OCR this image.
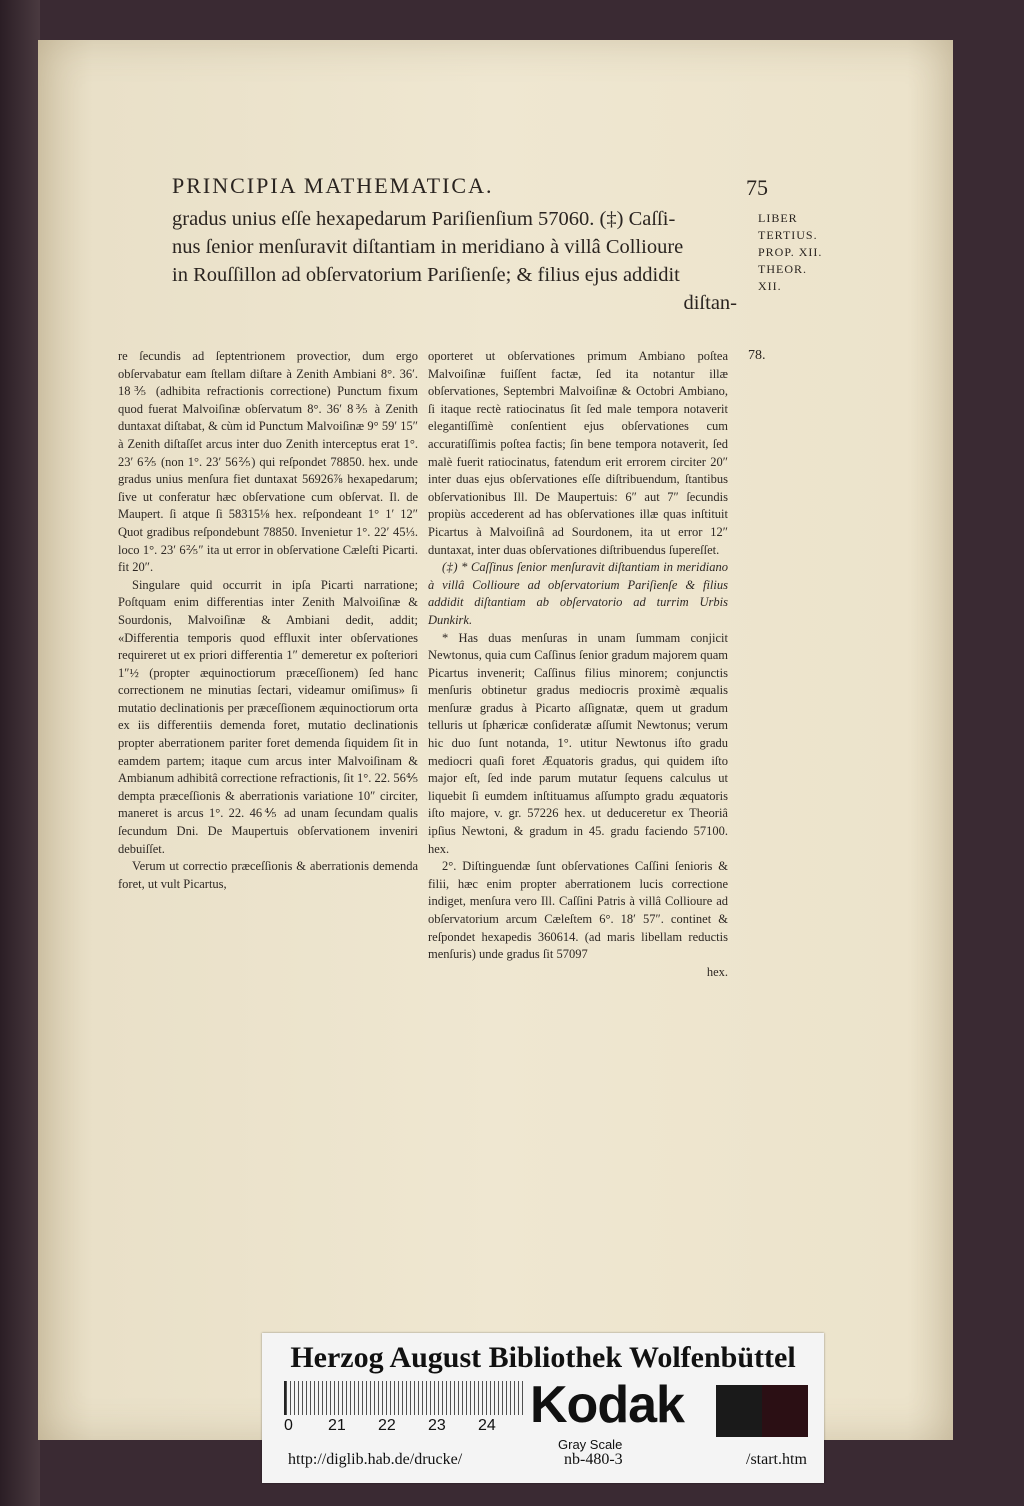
PRINCIPIA MATHEMATICA.	75
gradus unius eſſe hexapedarum Pariſienſium 57060. (‡) Caſſi-
nus ſenior menſuravit diſtantiam in meridiano à villâ Collioure
in Rouſſillon ad obſervatorium Pariſienſe; & filius ejus addidit
diſtan-
LIBER
TERTIUS.
PROP. XII.
THEOR.
XII.
78.

re ſecundis ad ſeptentrionem provectior, dum ergo obſervabatur eam ſtellam diſtare à Zenith Ambiani 8°. 36′. 18⅗ (adhibita refractionis correctione) Punctum fixum quod fuerat Malvoiſinæ obſervatum 8°. 36′ 8⅗ à Zenith duntaxat diſtabat, & cùm id Punctum Malvoiſinæ 9° 59′ 15″ à Zenith diſtaſſet arcus inter duo Zenith interceptus erat 1°. 23′ 6⅖ (non 1°. 23′ 56⅖) qui reſpondet 78850. hex. unde gradus unius menſura fiet duntaxat 56926⅞ hexapedarum; ſive ut conferatur hæc obſervatione cum obſervat. Il. de Maupert. ſi atque ſi 58315⅛ hex. reſpondeant 1° 1′ 12″ Quot gradibus reſpondebunt 78850. Invenietur 1°. 22′ 45⅓. loco 1°. 23′ 6⅖″ ita ut error in obſervatione Cæleſti Picarti. fit 20″.

Singulare quid occurrit in ipſa Picarti narratione; Poſtquam enim differentias inter Zenith Malvoiſinæ & Sourdonis, Malvoiſinæ & Ambiani dedit, addit; «Differentia temporis quod effluxit inter obſervationes requireret ut ex priori differentia 1″ demeretur ex poſteriori 1″½ (propter æquinoctiorum præceſſionem) ſed hanc correctionem ne minutias ſectari, videamur omiſimus» ſi mutatio declinationis per præceſſionem æquinoctiorum orta ex iis differentiis demenda foret, mutatio declinationis propter aberrationem pariter foret demenda ſiquidem ſit in eamdem partem; itaque cum arcus inter Malvoiſinam & Ambianum adhibitâ correctione refractionis, ſit 1°. 22. 56⅘ dempta præceſſionis & aberrationis variatione 10″ circiter, maneret is arcus 1°. 22. 46⅘ ad unam ſecundam qualis ſecundum Dni. De Maupertuis obſervationem inveniri debuiſſet.

Verum ut correctio præceſſionis & aberrationis demenda foret, ut vult Picartus,

oporteret ut obſervationes primum Ambiano poſtea Malvoiſinæ fuiſſent factæ, ſed ita notantur illæ obſervationes, Septembri Malvoiſinæ & Octobri Ambiano, ſi itaque rectè ratiocinatus ſit ſed male tempora notaverit elegantiſſimè conſentient ejus obſervationes cum accuratiſſimis poſtea factis; ſin bene tempora notaverit, ſed malè fuerit ratiocinatus, fatendum erit errorem circiter 20″ inter duas ejus obſervationes eſſe diſtribuendum, ſtantibus obſervationibus Ill. De Maupertuis: 6″ aut 7″ ſecundis propiùs accederent ad has obſervationes illæ quas inſtituit Picartus à Malvoiſinâ ad Sourdonem, ita ut error 12″ duntaxat, inter duas obſervationes diſtribuendus ſupereſſet.

(‡) * Caſſinus ſenior menſuravit diſtantiam in meridiano à villâ Collioure ad obſervatorium Pariſienſe & filius addidit diſtantiam ab obſervatorio ad turrim Urbis Dunkirk.

* Has duas menſuras in unam ſummam conjicit Newtonus, quia cum Caſſinus ſenior gradum majorem quam Picartus invenerit; Caſſinus filius minorem; conjunctis menſuris obtinetur gradus mediocris proximè æqualis menſuræ gradus à Picarto aſſignatæ, quem ut gradum telluris ut ſphæricæ conſideratæ aſſumit Newtonus; verum hic duo ſunt notanda, 1°. utitur Newtonus iſto gradu mediocri quaſi foret Æquatoris gradus, qui quidem iſto major eſt, ſed inde parum mutatur ſequens calculus ut liquebit ſi eumdem inſtituamus aſſumpto gradu æquatoris iſto majore, v. gr. 57226 hex. ut deduceretur ex Theoriâ ipſius Newtoni, & gradum in 45. gradu faciendo 57100. hex.

2°. Diſtinguendæ ſunt obſervationes Caſſini ſenioris & filii, hæc enim propter aberrationem lucis correctione indiget, menſura vero Ill. Caſſini Patris à villâ Collioure ad obſervatorium arcum Cæleſtem 6°. 18′ 57″. continet & reſpondet hexapedis 360614. (ad maris libellam reductis menſuris) unde gradus ſit 57097

hex.

Herzog August Bibliothek Wolfenbüttel
0 21 22 23 24 Kodak
Gray Scale
http://diglib.hab.de/drucke/	nb-480-3	/start.htm
